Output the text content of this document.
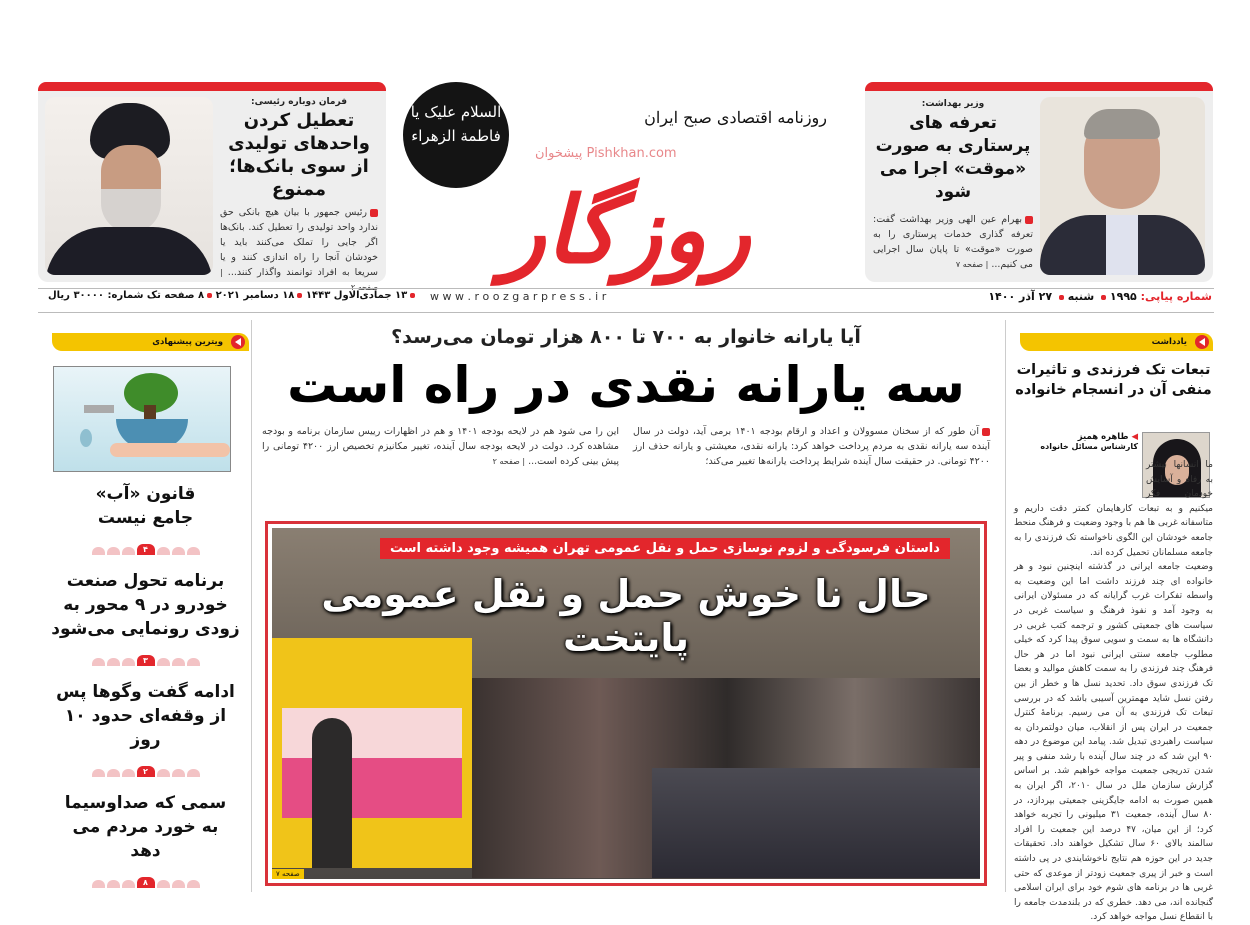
فرمان دوباره رئیسی:
تعطیل کردن واحدهای تولیدی از سوی بانک‌ها؛ ممنوع
رئیس جمهور با بیان هیچ بانکی حق ندارد واحد تولیدی را تعطیل کند. بانک‌ها اگر جایی را تملک می‌کنند باید یا خودشان آنجا را راه اندازی کنند و یا سریعا به افراد توانمند واگذار کنند... |
السلام علیک یا فاطمة الزهراء
روزنامه اقتصادی صبح ایران
پیشخوان Pishkhan.com
روزگار
وزیر بهداشت:
تعرفه های پرستاری به صورت «موقت» اجرا می شود
بهرام عین الهی وزیر بهداشت گفت: تعرفه گذاری خدمات پرستاری را به صورت «موقت» تا پایان سال اجرایی می کنیم... | صفحه ۷
شماره پیاپی: ۱۹۹۵  شنبه  ۲۷ آذر ۱۴۰۰
w w w . r o o z g a r p r e s s . i r
۱۳ جمادی‌الاول ۱۴۴۳ ۱۸ دسامبر ۲۰۲۱ ۸ صفحه تک شماره: ۳۰۰۰۰ ریال
ویترین پیشنهادی
قانون «آب» جامع نیست
۴
برنامه تحول صنعت خودرو در ۹ محور به زودی رونمایی می‌شود
۳
ادامه گفت وگوها پس از وقفه‌ای حدود ۱۰ روز
۲
سمی که صداوسیما به خورد مردم می دهد
۸
آیا یارانه خانوار به ۷۰۰ تا ۸۰۰ هزار تومان می‌رسد؟
سه یارانه نقدی در راه است
آن طور که از سخنان مسوولان و اعداد و ارقام بودجه ۱۴۰۱ برمی آید، دولت در سال آینده سه یارانه نقدی به مردم پرداخت خواهد کرد: یارانه نقدی، معیشتی و یارانه حذف ارز ۴۲۰۰ تومانی. در حقیقت سال آینده شرایط پرداخت یارانه‌ها تغییر می‌کند؛
این را می شود هم در لایحه بودجه ۱۴۰۱ و هم در اظهارات رییس سازمان برنامه و بودجه مشاهده کرد. دولت در لایحه بودجه سال آینده، تغییر مکانیزم تخصیص ارز ۴۲۰۰ تومانی را پیش بینی کرده است... | صفحه ۲
داستان فرسودگی و لزوم نوسازی حمل و نقل عمومی تهران همیشه وجود داشته است
حال نا خوش حمل و نقل عمومی پایتخت
صفحه ۷
یادداشت
تبعات تک فرزندی و تاثیرات منفی آن در انسجام خانواده
◀ طاهره همیز
کارشناس مسائل خانواده
ما انسانها بیشتر به رفاه و آسایش خودمان فکر میکنیم و به تبعات کارهایمان کمتر دقت داریم و متاسفانه غربی ها هم با وجود وضعیت و فرهنگ منحط جامعه خودشان این الگوی ناخواسته تک فرزندی را به جامعه مسلمانان تحمیل کرده اند.
وضعیت جامعه ایرانی در گذشته اینچنین نبود و هر خانواده ای چند فرزند داشت اما این وضعیت به واسطه تفکرات غرب گرایانه که در مسئولان ایرانی به وجود آمد و نفوذ فرهنگ و سیاست غربی در سیاست های جمعیتی کشور و ترجمه کتب غربی در دانشگاه ها به سمت و سویی سوق پیدا کرد که خیلی مطلوب جامعه سنتی ایرانی نبود اما در هر حال فرهنگ چند فرزندی را به سمت کاهش موالید و بعضا تک فرزندی سوق داد. تحدید نسل ها و خطر از بین رفتن نسل شاید مهمترین آسیبی باشد که در بررسی تبعات تک فرزندی به آن می رسیم. برنامهٔ کنترل جمعیت در ایران پس از انقلاب، میان دولتمردان به سیاست راهبردی تبدیل شد. پیامد این موضوع در دهه ۹۰ این شد که در چند سال آینده با رشد منفی و پیر شدن تدریجی جمعیت مواجه خواهیم شد. بر اساس گزارش سازمان ملل در سال ۲۰۱۰، اگر ایران به همین صورت به ادامه جایگزینی جمعیتی بپردازد، در ۸۰ سال آینده، جمعیت ۳۱ میلیونی را تجربه خواهد کرد؛ از این میان، ۴۷ درصد این جمعیت را افراد سالمند بالای ۶۰ سال تشکیل خواهند داد. تحقیقات جدید در این حوزه هم نتایج ناخوشایندی در پی داشته است و خبر از پیری جمعیت زودتر از موعدی که حتی غربی ها در برنامه های شوم خود برای ایران اسلامی گنجانده اند، می دهد. خطری که در بلندمدت جامعه را با انقطاع نسل مواجه خواهد کرد.
